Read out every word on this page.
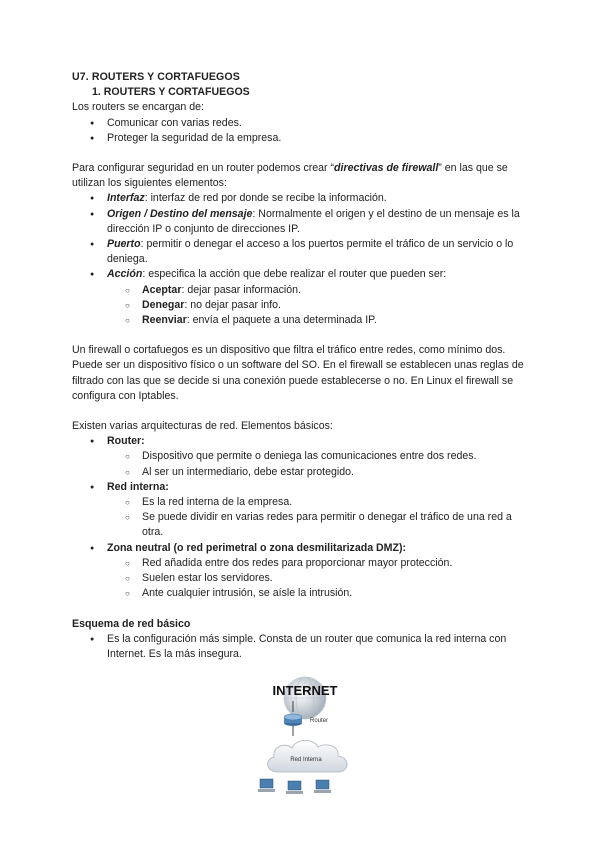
U7. ROUTERS Y CORTAFUEGOS
1. ROUTERS Y CORTAFUEGOS
Los routers se encargan de:
● Comunicar con varias redes.
● Proteger la seguridad de la empresa.
Para configurar seguridad en un router podemos crear “directivas de firewall” en las que se utilizan los siguientes elementos:
● Interfaz: interfaz de red por donde se recibe la información.
● Origen / Destino del mensaje: Normalmente el origen y el destino de un mensaje es la dirección IP o conjunto de direcciones IP.
● Puerto: permitir o denegar el acceso a los puertos permite el tráfico de un servicio o lo deniega.
● Acción: especifica la acción que debe realizar el router que pueden ser:
○ Aceptar: dejar pasar información.
○ Denegar: no dejar pasar info.
○ Reenviar: envía el paquete a una determinada IP.
Un firewall o cortafuegos es un dispositivo que filtra el tráfico entre redes, como mínimo dos. Puede ser un dispositivo físico o un software del SO. En el firewall se establecen unas reglas de filtrado con las que se decide si una conexión puede establecerse o no. En Linux el firewall se configura con Iptables.
Existen varias arquitecturas de red. Elementos básicos:
● Router:
○ Dispositivo que permite o deniega las comunicaciones entre dos redes.
○ Al ser un intermediario, debe estar protegido.
● Red interna:
○ Es la red interna de la empresa.
○ Se puede dividir en varias redes para permitir o denegar el tráfico de una red a otra.
● Zona neutral (o red perimetral o zona desmilitarizada DMZ):
○ Red añadida entre dos redes para proporcionar mayor protección.
○ Suelen estar los servidores.
○ Ante cualquier intrusión, se aísle la intrusión.
Esquema de red básico
● Es la configuración más simple. Consta de un router que comunica la red interna con Internet. Es la más insegura.
INTERNET
Router
Red Interna
